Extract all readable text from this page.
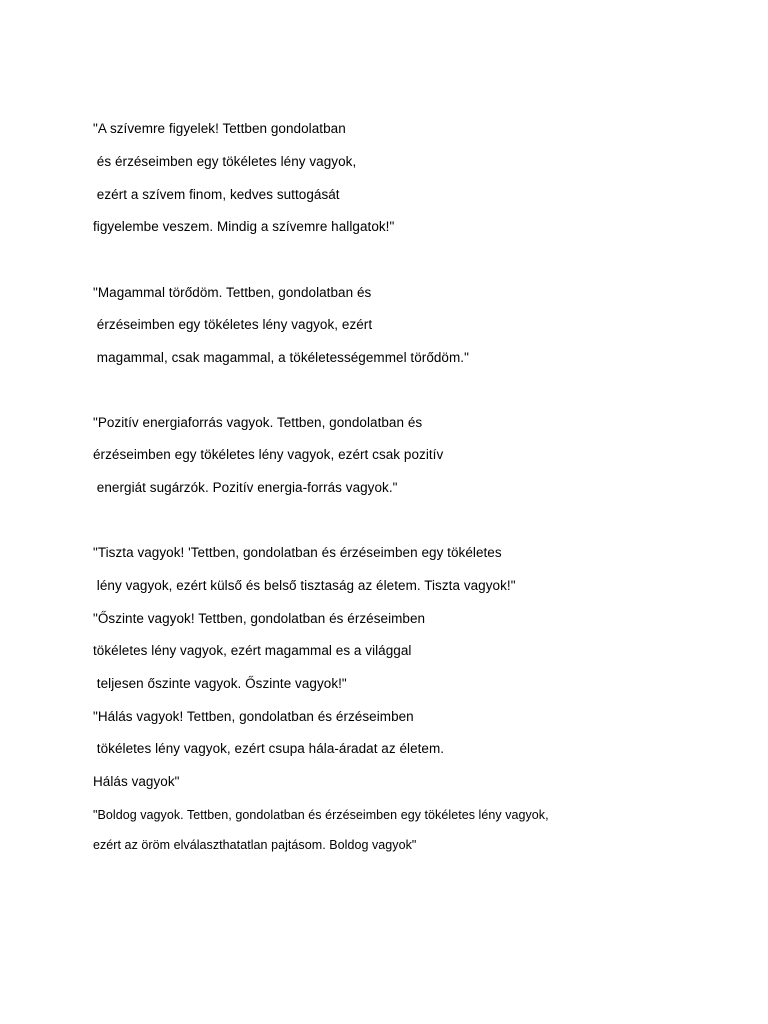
"A szívemre figyelek! Tettben gondolatban
és érzéseimben egy tökéletes lény vagyok,
ezért a szívem finom, kedves suttogását
figyelembe veszem. Mindig a szívemre hallgatok!"
"Magammal törődöm. Tettben, gondolatban és
érzéseimben egy tökéletes lény vagyok, ezért
magammal, csak magammal, a tökéletességemmel törődöm."
"Pozitív energiaforrás vagyok. Tettben, gondolatban és
érzéseimben egy tökéletes lény vagyok, ezért csak pozitív
energiát sugárzók. Pozitív energia-forrás vagyok."
"Tiszta vagyok! 'Tettben, gondolatban és érzéseimben egy tökéletes
lény vagyok, ezért külső és belső tisztaság az életem. Tiszta vagyok!"
"Őszinte vagyok! Tettben, gondolatban és érzéseimben
tökéletes lény vagyok, ezért magammal es a világgal
teljesen őszinte vagyok. Őszinte vagyok!"
"Hálás vagyok! Tettben, gondolatban és érzéseimben
tökéletes lény vagyok, ezért csupa hála-áradat az életem.
Hálás vagyok"
"Boldog vagyok. Tettben, gondolatban és érzéseimben egy tökéletes lény vagyok,
ezért az öröm elválaszthatatlan pajtásom. Boldog vagyok"
